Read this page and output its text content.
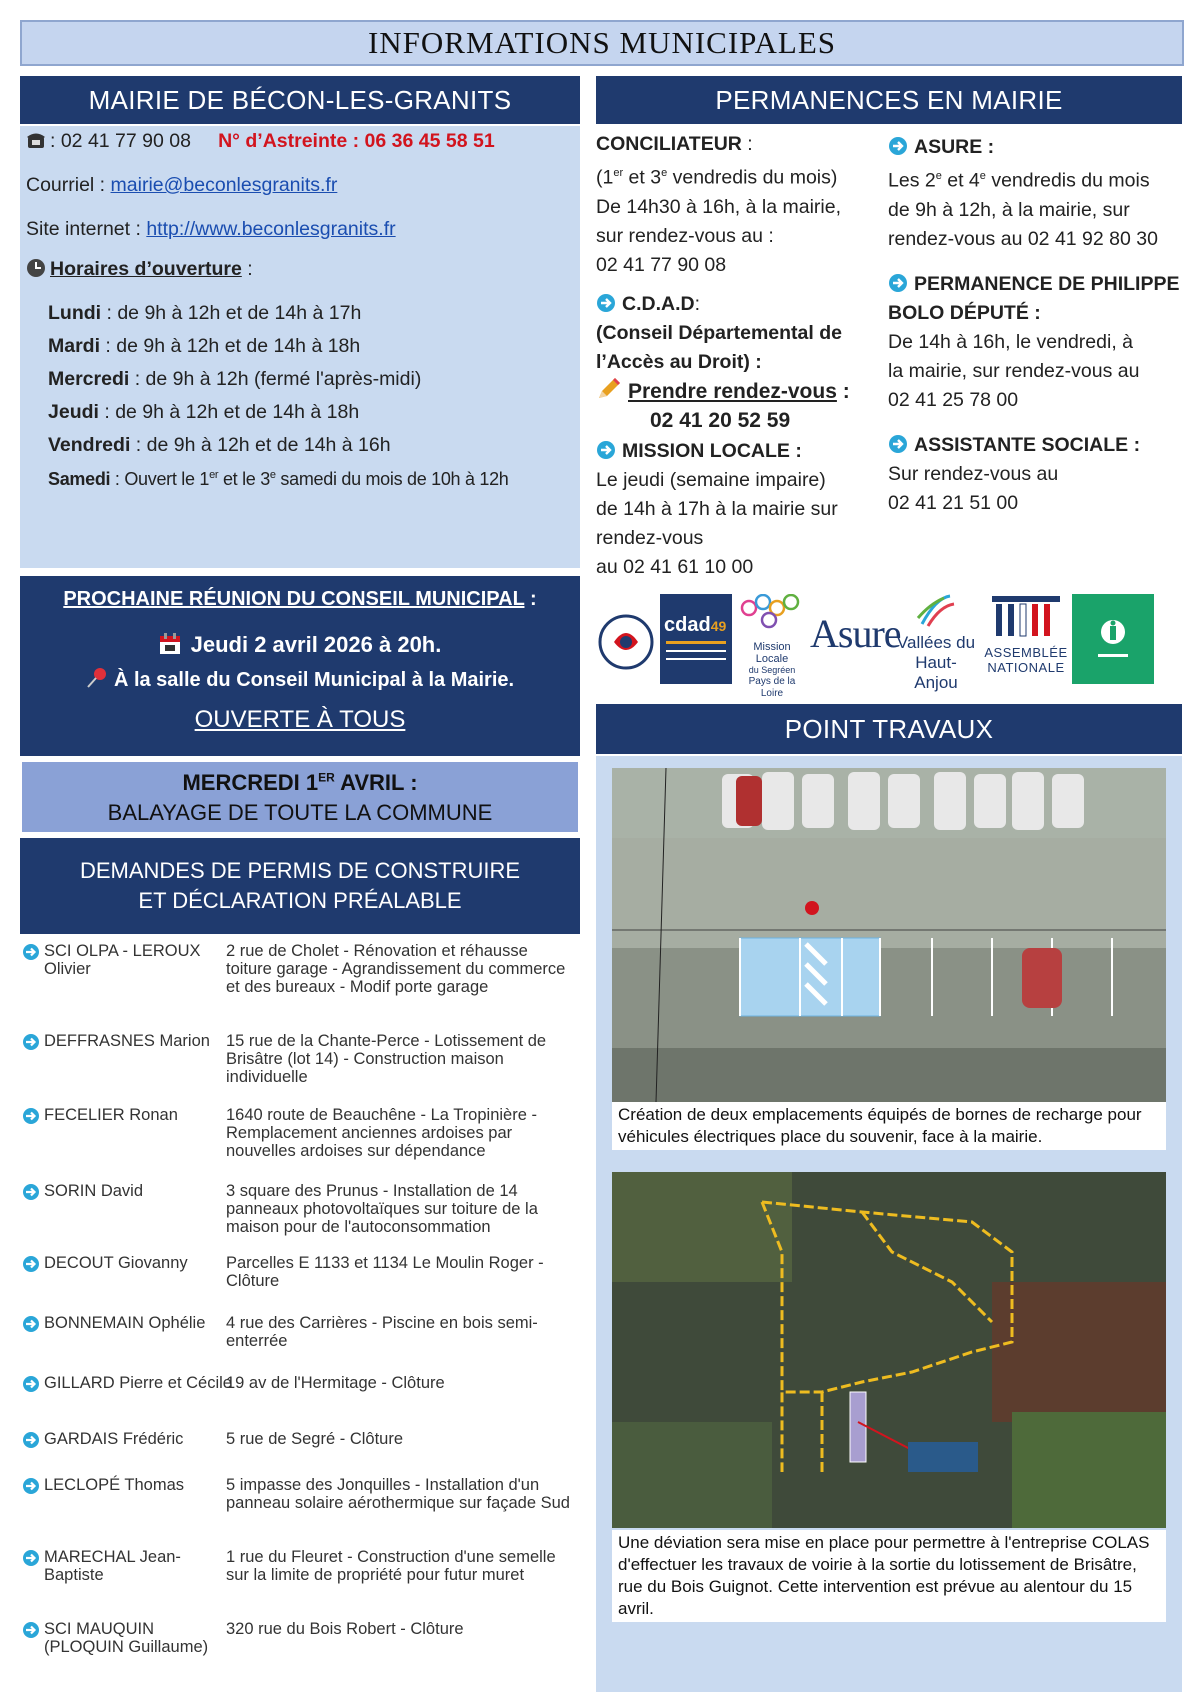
INFORMATIONS MUNICIPALES
MAIRIE DE BÉCON-LES-GRANITS
: 02 41 77 90 08 N° d’Astreinte : 06 36 45 58 51
Courriel : mairie@beconlesgranits.fr
Site internet : http://www.beconlesgranits.fr
Horaires d’ouverture :
Lundi : de 9h à 12h et de 14h à 17h
Mardi : de 9h à 12h et de 14h à 18h
Mercredi : de 9h à 12h (fermé l'après-midi)
Jeudi : de 9h à 12h et de 14h à 18h
Vendredi : de 9h à 12h et de 14h à 16h
Samedi : Ouvert le 1er et le 3e samedi du mois de 10h à 12h
PROCHAINE RÉUNION DU CONSEIL MUNICIPAL :
Jeudi 2 avril 2026 à 20h.
À la salle du Conseil Municipal à la Mairie.
OUVERTE À TOUS
MERCREDI 1ER AVRIL :
BALAYAGE DE TOUTE LA COMMUNE
DEMANDES DE PERMIS DE CONSTRUIRE
ET DÉCLARATION PRÉALABLE
SCI OLPA - LEROUX Olivier
2 rue de Cholet - Rénovation et réhausse toiture garage - Agrandissement du commerce et des bureaux - Modif porte garage
DEFFRASNES Marion 15 rue de la Chante-Perce - Lotissement de Brisâtre (lot 14) - Construction maison individuelle
FECELIER Ronan	1640 route de Beauchêne - La Tropinière - Remplacement anciennes ardoises par nouvelles ardoises sur dépendance
SORIN David	3 square des Prunus - Installation de 14 panneaux photovoltaïques sur toiture de la maison pour de l'autoconsommation
DECOUT Giovanny	Parcelles E 1133 et 1134 Le Moulin Roger - Clôture
BONNEMAIN Ophélie	4 rue des Carrières - Piscine en bois semi-enterrée
GILLARD Pierre et Cécile
19 av de l'Hermitage - Clôture
GARDAIS Frédéric	5 rue de Segré - Clôture
LECLOPÉ Thomas	5 impasse des Jonquilles - Installation d'un panneau solaire aérothermique sur façade Sud
MARECHAL Jean-Baptiste
1 rue du Fleuret - Construction d'une semelle sur la limite de propriété pour futur muret
SCI MAUQUIN (PLOQUIN Guillaume)
320 rue du Bois Robert - Clôture
PERMANENCES EN MAIRIE
CONCILIATEUR :
(1er et 3e vendredis du mois)
De 14h30 à 16h, à la mairie,
sur rendez-vous au :
02 41 77 90 08
C.D.A.D:
(Conseil Départemental de
l’Accès au Droit) :
Prendre rendez-vous :
02 41 20 52 59
MISSION LOCALE :
Le jeudi (semaine impaire)
de 14h à 17h à la mairie sur
rendez-vous
au 02 41 61 10 00
ASURE :
Les 2e et 4e vendredis du mois
de 9h à 12h, à la mairie, sur
rendez-vous au 02 41 92 80 30
PERMANENCE DE PHILIPPE
BOLO DÉPUTÉ :
De 14h à 16h, le vendredi, à
la mairie, sur rendez-vous au
02 41 25 78 00
ASSISTANTE SOCIALE :
Sur rendez-vous au
02 41 21 51 00
cdad49
Mission Locale
du Segréen
Pays de la Loire
Asure
Vallées du
Haut-Anjou
ASSEMBLÉE
NATIONALE
POINT TRAVAUX
Création de deux emplacements équipés de bornes de recharge pour véhicules électriques place du souvenir, face à la mairie.
Une déviation sera mise en place pour permettre à l'entreprise COLAS d'effectuer les travaux de voirie à la sortie du lotissement de Brisâtre, rue du Bois Guignot. Cette intervention est prévue au alentour du 15 avril.
